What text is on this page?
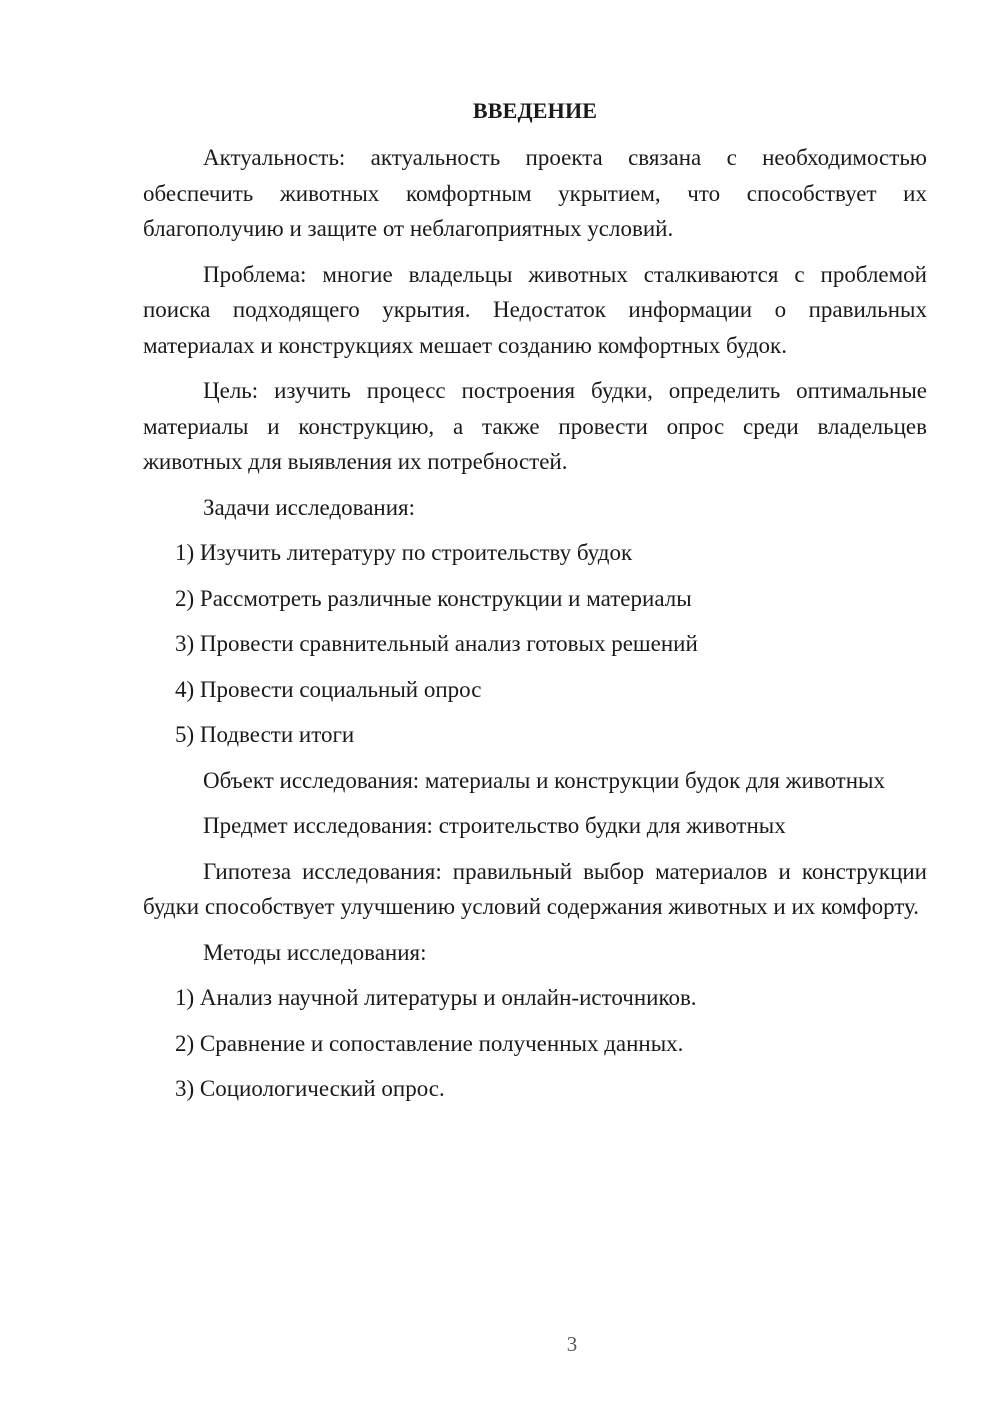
ВВЕДЕНИЕ

Актуальность: актуальность проекта связана с необходимостью обеспечить животных комфортным укрытием, что способствует их благополучию и защите от неблагоприятных условий.

Проблема: многие владельцы животных сталкиваются с проблемой поиска подходящего укрытия. Недостаток информации о правильных материалах и конструкциях мешает созданию комфортных будок.

Цель: изучить процесс построения будки, определить оптимальные материалы и конструкцию, а также провести опрос среди владельцев животных для выявления их потребностей.

Задачи исследования:

1) Изучить литературу по строительству будок

2) Рассмотреть различные конструкции и материалы

3) Провести сравнительный анализ готовых решений

4) Провести социальный опрос

5) Подвести итоги

Объект исследования: материалы и конструкции будок для животных

Предмет исследования: строительство будки для животных

Гипотеза исследования: правильный выбор материалов и конструкции будки способствует улучшению условий содержания животных и их комфорту.

Методы исследования:

1) Анализ научной литературы и онлайн-источников.

2) Сравнение и сопоставление полученных данных.

3) Социологический опрос.

3
